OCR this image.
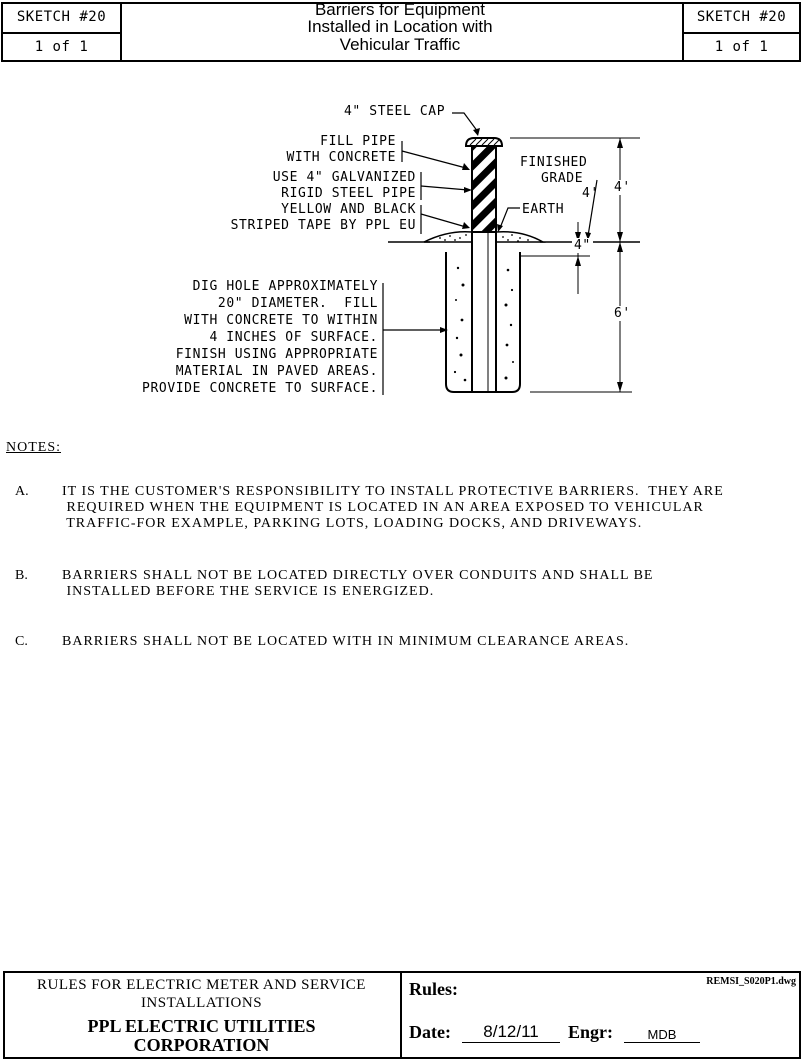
SKETCH #20
1 of 1
Barriers for Equipment
Installed in Location with
Vehicular Traffic
SKETCH #20
1 of 1
4" STEEL CAP
FILL PIPE
WITH CONCRETE
USE 4" GALVANIZED
RIGID STEEL PIPE
YELLOW AND BLACK
STRIPED TAPE BY PPL EU
FINISHED
GRADE
4'
EARTH
4'
4"
6'
DIG HOLE APPROXIMATELY
20" DIAMETER.  FILL
WITH CONCRETE TO WITHIN
4 INCHES OF SURFACE.
FINISH USING APPROPRIATE
MATERIAL IN PAVED AREAS.
PROVIDE CONCRETE TO SURFACE.
NOTES:
A. IT IS THE CUSTOMER'S RESPONSIBILITY TO INSTALL PROTECTIVE BARRIERS.  THEY ARE
REQUIRED WHEN THE EQUIPMENT IS LOCATED IN AN AREA EXPOSED TO VEHICULAR
TRAFFIC-FOR EXAMPLE, PARKING LOTS, LOADING DOCKS, AND DRIVEWAYS.
B. BARRIERS SHALL NOT BE LOCATED DIRECTLY OVER CONDUITS AND SHALL BE
INSTALLED BEFORE THE SERVICE IS ENERGIZED.
C. BARRIERS SHALL NOT BE LOCATED WITH IN MINIMUM CLEARANCE AREAS.
RULES FOR ELECTRIC METER AND SERVICE
INSTALLATIONS
PPL ELECTRIC UTILITIES
CORPORATION
Rules:	REMSI_S020P1.dwg
Date:	8/12/11	Engr:	MDB
